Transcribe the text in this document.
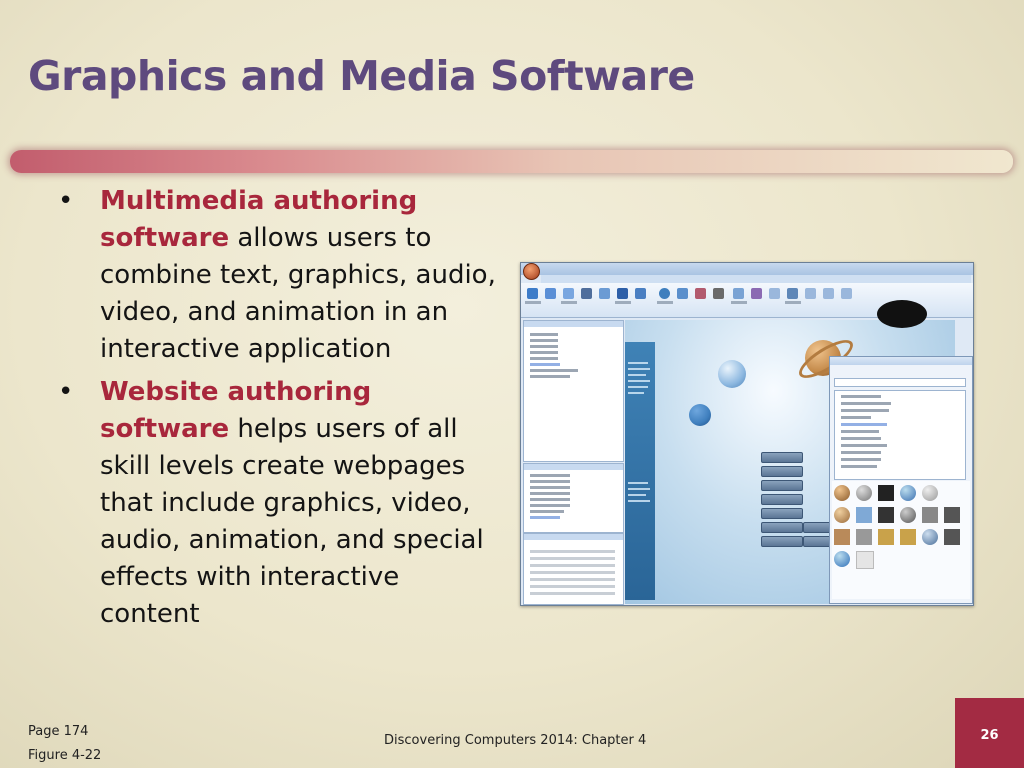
Graphics and Media Software
• Multimedia authoring software allows users to combine text, graphics, audio, video, and animation in an interactive application
• Website authoring software helps users of all skill levels create webpages that include graphics, video, audio, animation, and special effects with interactive content
Page 174
Figure 4-22
Discovering Computers 2014: Chapter 4	26
